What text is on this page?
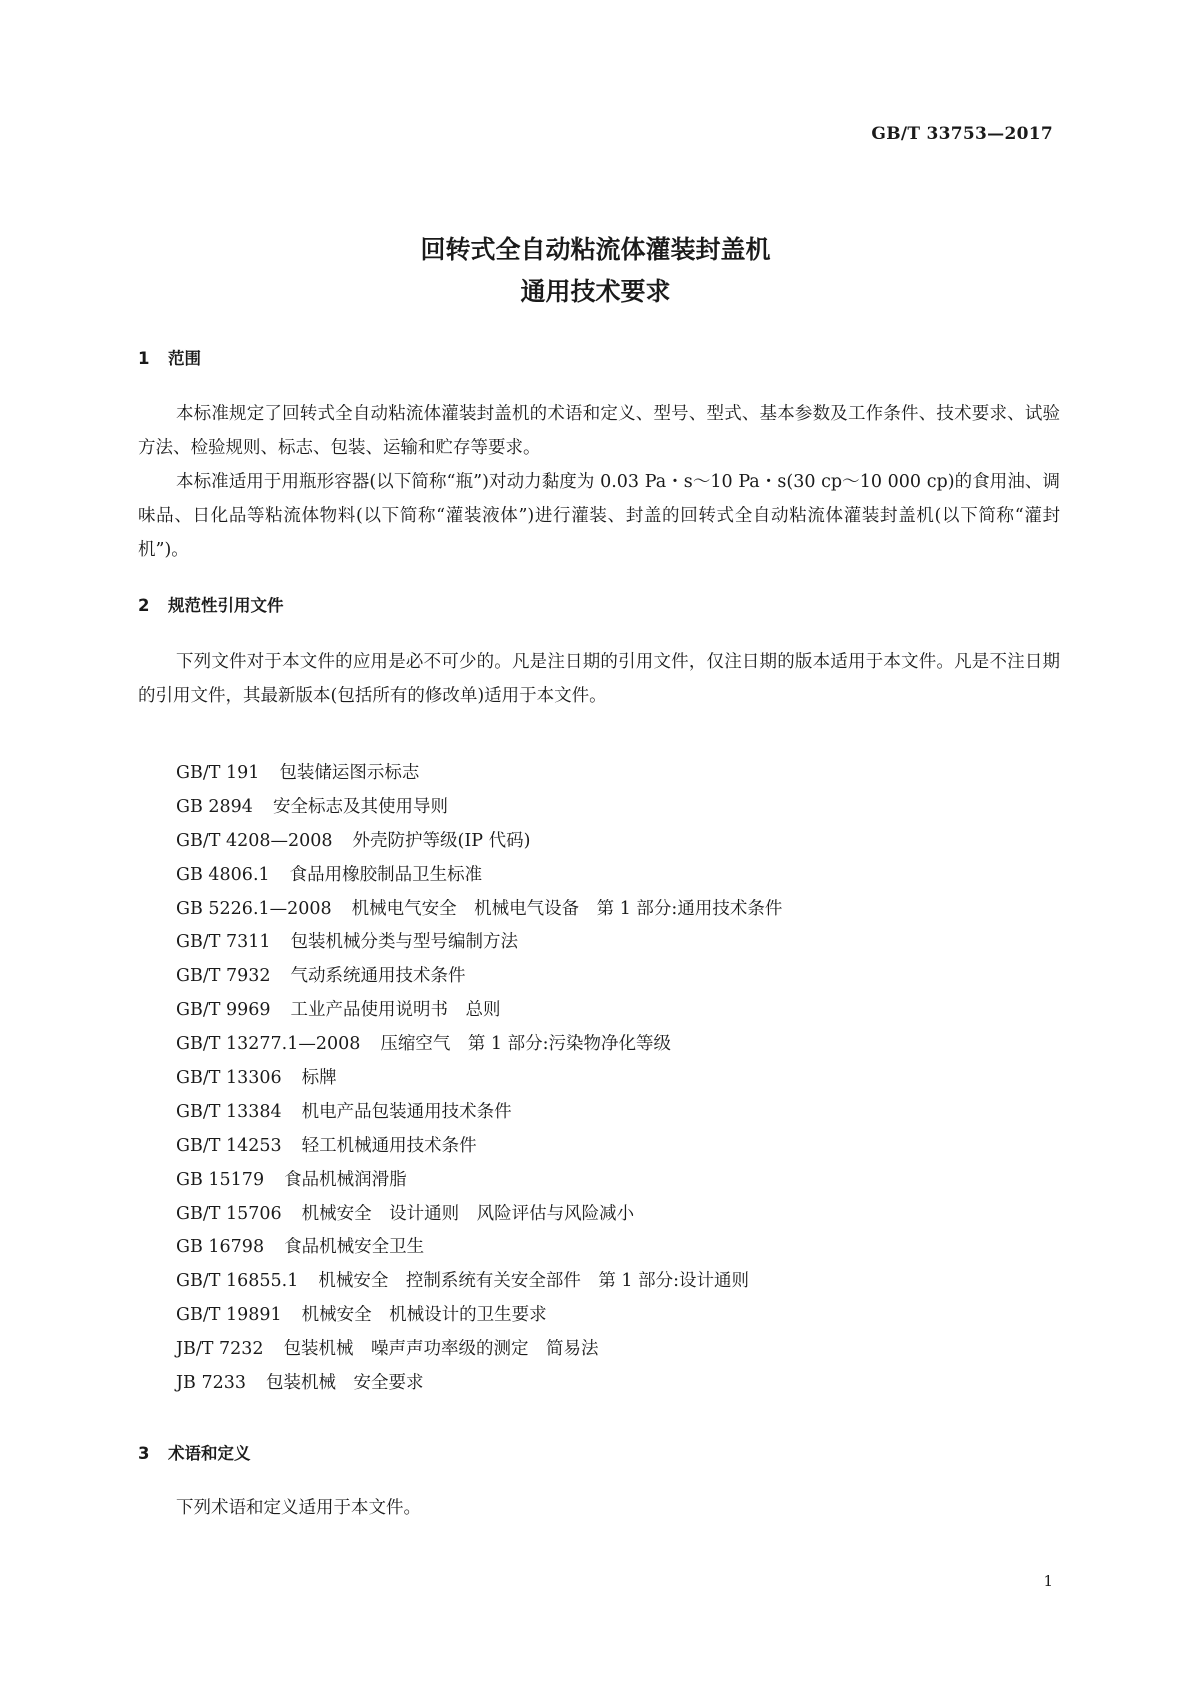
GB/T 33753—2017
回转式全自动粘流体灌装封盖机
通用技术要求
1 范围

本标准规定了回转式全自动粘流体灌装封盖机的术语和定义、型号、型式、基本参数及工作条件、技术要求、试验方法、检验规则、标志、包装、运输和贮存等要求。

本标准适用于用瓶形容器(以下简称“瓶”)对动力黏度为 0.03 Pa・s～10 Pa・s(30 cp～10 000 cp)的食用油、调味品、日化品等粘流体物料(以下简称“灌装液体”)进行灌装、封盖的回转式全自动粘流体灌装封盖机(以下简称“灌封机”)。

2 规范性引用文件

下列文件对于本文件的应用是必不可少的。凡是注日期的引用文件，仅注日期的版本适用于本文件。凡是不注日期的引用文件，其最新版本(包括所有的修改单)适用于本文件。

GB/T 191 包装储运图示标志
GB 2894 安全标志及其使用导则
GB/T 4208—2008 外壳防护等级(IP 代码)
GB 4806.1 食品用橡胶制品卫生标准
GB 5226.1—2008 机械电气安全　机械电气设备　第 1 部分:通用技术条件
GB/T 7311 包装机械分类与型号编制方法
GB/T 7932 气动系统通用技术条件
GB/T 9969 工业产品使用说明书　总则
GB/T 13277.1—2008 压缩空气　第 1 部分:污染物净化等级
GB/T 13306 标牌
GB/T 13384 机电产品包装通用技术条件
GB/T 14253 轻工机械通用技术条件
GB 15179 食品机械润滑脂
GB/T 15706 机械安全　设计通则　风险评估与风险减小
GB 16798 食品机械安全卫生
GB/T 16855.1 机械安全　控制系统有关安全部件　第 1 部分:设计通则
GB/T 19891 机械安全　机械设计的卫生要求
JB/T 7232 包装机械　噪声声功率级的测定　简易法
JB 7233 包装机械　安全要求
3 术语和定义

下列术语和定义适用于本文件。

1
